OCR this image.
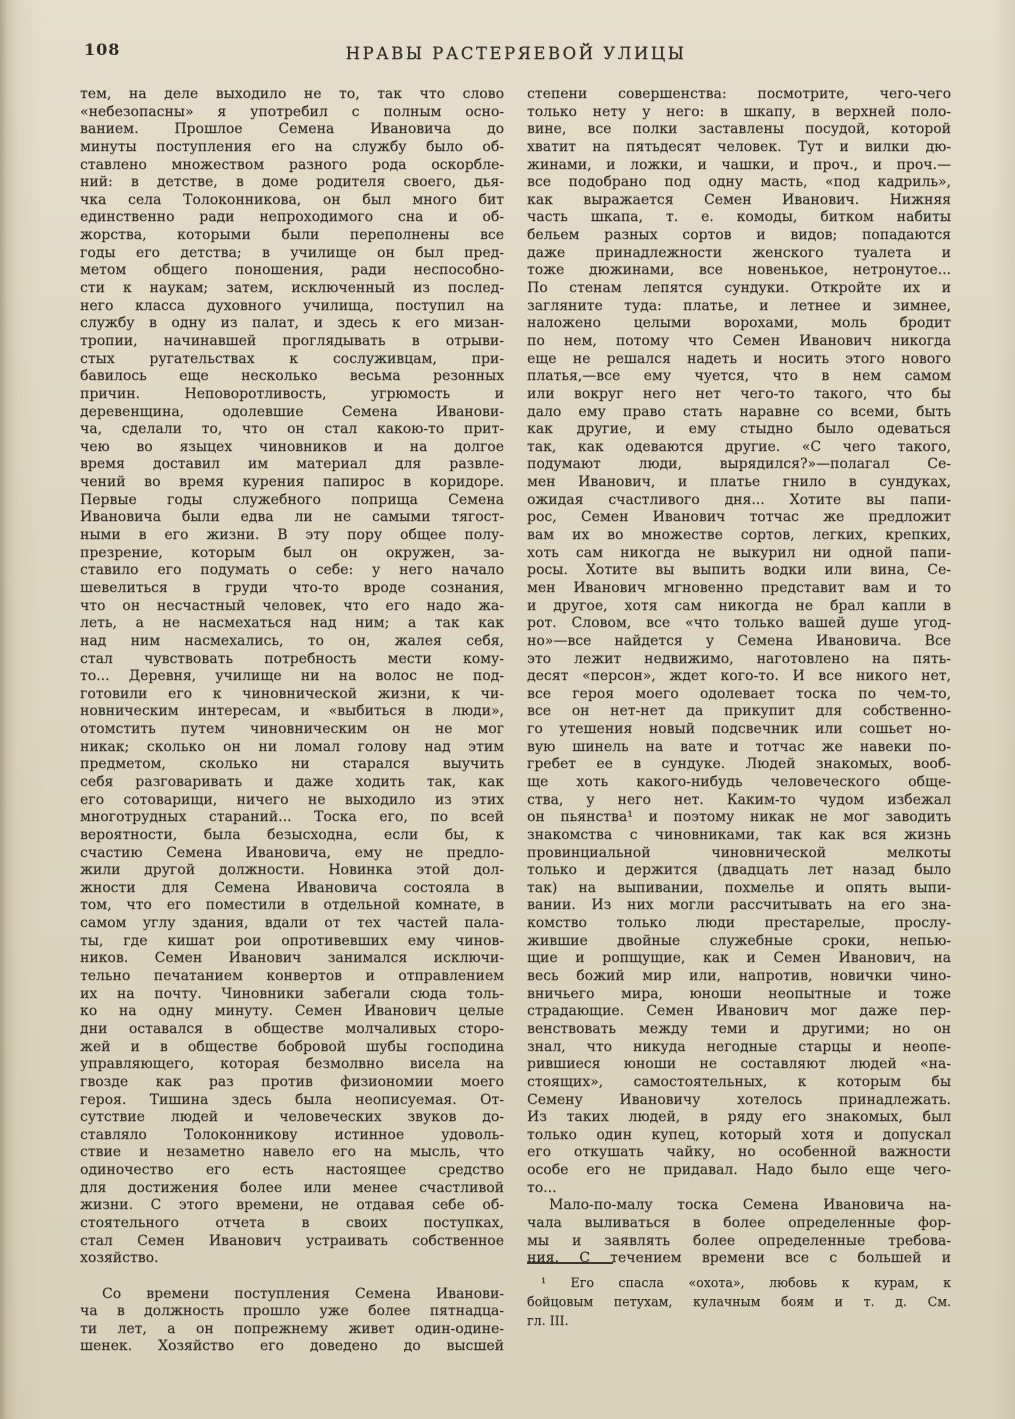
108	НРАВЫ РАСТЕРЯЕВОЙ УЛИЦЫ
тем, на деле выходило не то, так что слово
«небезопасны» я употребил с полным осно-
ванием. Прошлое Семена Ивановича до
минуты поступления его на службу было об-
ставлено множеством разного рода оскорбле-
ний: в детстве, в доме родителя своего, дья-
чка села Толоконникова, он был много бит
единственно ради непроходимого сна и об-
жорства, которыми были переполнены все
годы его детства; в училище он был пред-
метом общего поношения, ради неспособно-
сти к наукам; затем, исключенный из послед-
него класса духовного училища, поступил на
службу в одну из палат, и здесь к его мизан-
тропии, начинавшей проглядывать в отрыви-
стых ругательствах к сослуживцам, при-
бавилось еще несколько весьма резонных
причин. Неповоротливость, угрюмость и
деревенщина, одолевшие Семена Иванови-
ча, сделали то, что он стал какою-то прит-
чею во языцех чиновников и на долгое
время доставил им материал для развле-
чений во время курения папирос в коридоре.
Первые годы служебного поприща Семена
Ивановича были едва ли не самыми тягост-
ными в его жизни. В эту пору общее полу-
презрение, которым был он окружен, за-
ставило его подумать о себе: у него начало
шевелиться в груди что-то вроде сознания,
что он несчастный человек, что его надо жа-
леть, а не насмехаться над ним; а так как
над ним насмехались, то он, жалея себя,
стал чувствовать потребность мести кому-
то... Деревня, училище ни на волос не под-
готовили его к чиновнической жизни, к чи-
новническим интересам, и «выбиться в люди»,
отомстить путем чиновническим он не мог
никак; сколько он ни ломал голову над этим
предметом, сколько ни старался выучить
себя разговаривать и даже ходить так, как
его сотоварищи, ничего не выходило из этих
многотрудных стараний... Тоска его, по всей
вероятности, была безысходна, если бы, к
счастию Семена Ивановича, ему не предло-
жили другой должности. Новинка этой дол-
жности для Семена Ивановича состояла в
том, что его поместили в отдельной комнате, в
самом углу здания, вдали от тех частей пала-
ты, где кишат рои опротивевших ему чинов-
ников. Семен Иванович занимался исключи-
тельно печатанием конвертов и отправлением
их на почту. Чиновники забегали сюда толь-
ко на одну минуту. Семен Иванович целые
дни оставался в обществе молчаливых сторо-
жей и в обществе бобровой шубы господина
управляющего, которая безмолвно висела на
гвозде как раз против физиономии моего
героя. Тишина здесь была неописуемая. От-
сутствие людей и человеческих звуков до-
ставляло Толоконникову истинное удоволь-
ствие и незаметно навело его на мысль, что
одиночество его есть настоящее средство
для достижения более или менее счастливой
жизни. С этого времени, не отдавая себе об-
стоятельного отчета в своих поступках,
стал Семен Иванович устраивать собственное
хозяйство.
Со времени поступления Семена Иванови-
ча в должность прошло уже более пятнадца-
ти лет, а он попрежнему живет один-одине-
шенек. Хозяйство его доведено до высшей
степени совершенства: посмотрите, чего-чего
только нету у него: в шкапу, в верхней поло-
вине, все полки заставлены посудой, которой
хватит на пятьдесят человек. Тут и вилки дю-
жинами, и ложки, и чашки, и проч., и проч.—
все подобрано под одну масть, «под кадриль»,
как выражается Семен Иванович. Нижняя
часть шкапа, т. е. комоды, битком набиты
бельем разных сортов и видов; попадаются
даже принадлежности женского туалета и
тоже дюжинами, все новенькое, нетронутое...
По стенам лепятся сундуки. Откройте их и
загляните туда: платье, и летнее и зимнее,
наложено целыми ворохами, моль бродит
по нем, потому что Семен Иванович никогда
еще не решался надеть и носить этого нового
платья,—все ему чуется, что в нем самом
или вокруг него нет чего-то такого, что бы
дало ему право стать наравне со всеми, быть
как другие, и ему стыдно было одеваться
так, как одеваются другие. «С чего такого,
подумают люди, вырядился?»—полагал Се-
мен Иванович, и платье гнило в сундуках,
ожидая счастливого дня... Хотите вы папи-
рос, Семен Иванович тотчас же предложит
вам их во множестве сортов, легких, крепких,
хоть сам никогда не выкурил ни одной папи-
росы. Хотите вы выпить водки или вина, Се-
мен Иванович мгновенно представит вам и то
и другое, хотя сам никогда не брал капли в
рот. Словом, все «что только вашей душе угод-
но»—все найдется у Семена Ивановича. Все
это лежит недвижимо, наготовлено на пять-
десят «персон», ждет кого-то. И все никого нет,
все героя моего одолевает тоска по чем-то,
все он нет-нет да прикупит для собственно-
го утешения новый подсвечник или сошьет но-
вую шинель на вате и тотчас же навеки по-
гребет ее в сундуке. Людей знакомых, вооб-
ще хоть какого-нибудь человеческого обще-
ства, у него нет. Каким-то чудом избежал
он пьянства¹ и поэтому никак не мог заводить
знакомства с чиновниками, так как вся жизнь
провинциальной чиновнической мелкоты
только и держится (двадцать лет назад было
так) на выпивании, похмелье и опять выпи-
вании. Из них могли рассчитывать на его зна-
комство только люди престарелые, прослу-
жившие двойные служебные сроки, непью-
щие и ропщущие, как и Семен Иванович, на
весь божий мир или, напротив, новички чино-
вничьего мира, юноши неопытные и тоже
страдающие. Семен Иванович мог даже пер-
венствовать между теми и другими; но он
знал, что никуда негодные старцы и неопе-
рившиеся юноши не составляют людей «на-
стоящих», самостоятельных, к которым бы
Семену Ивановичу хотелось принадлежать.
Из таких людей, в ряду его знакомых, был
только один купец, который хотя и допускал
его откушать чайку, но особенной важности
особе его не придавал. Надо было еще чего-
то...
Мало-по-малу тоска Семена Ивановича на-
чала выливаться в более определенные фор-
мы и заявлять более определенные требова-
ния. С течением времени все с большей и
¹ Его спасла «охота», любовь к курам, к
бойцовым петухам, кулачным боям и т. д. См.
гл. III.
